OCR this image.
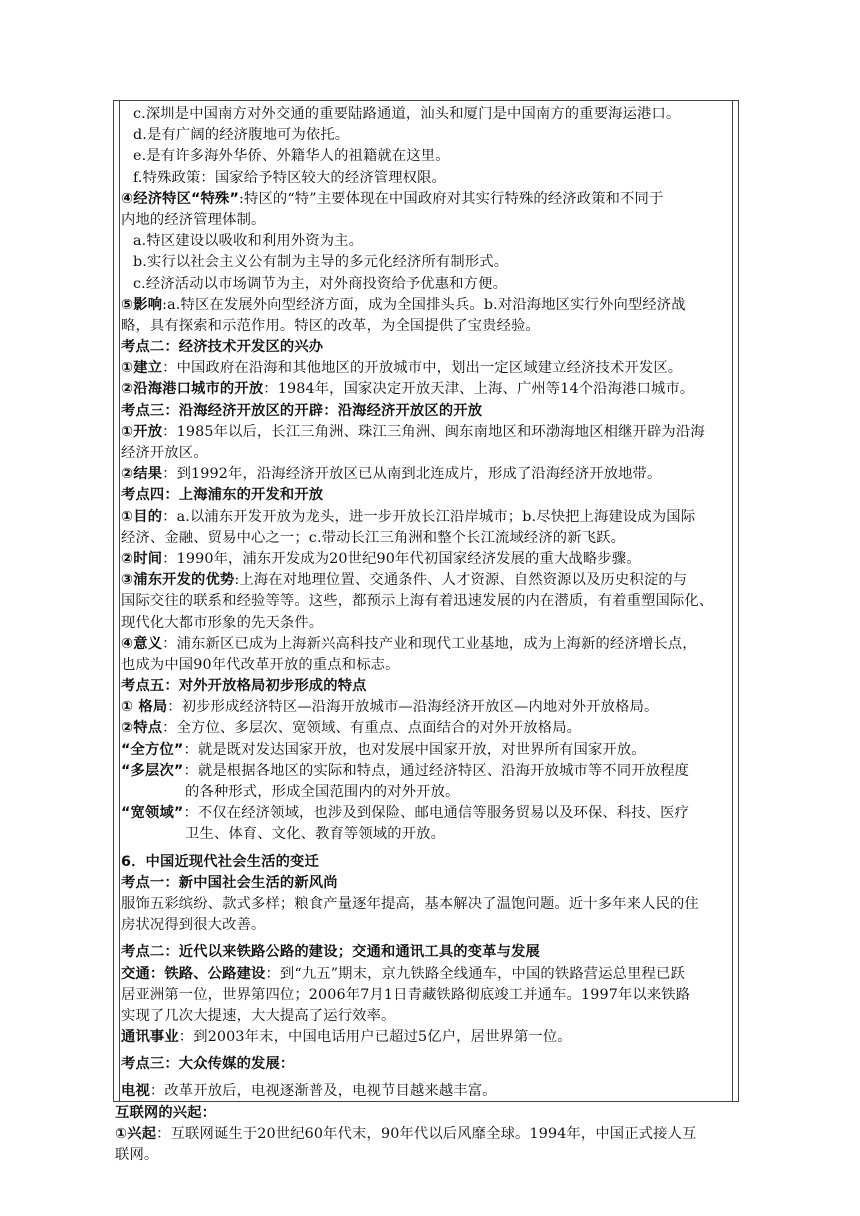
c.深圳是中国南方对外交通的重要陆路通道，汕头和厦门是中国南方的重要海运港口。
d.是有广阔的经济腹地可为依托。
e.是有许多海外华侨、外籍华人的祖籍就在这里。
f.特殊政策：国家给予特区较大的经济管理权限。
④经济特区“特殊”:特区的“特”主要体现在中国政府对其实行特殊的经济政策和不同于
内地的经济管理体制。
a.特区建设以吸收和利用外资为主。
b.实行以社会主义公有制为主导的多元化经济所有制形式。
c.经济活动以市场调节为主，对外商投资给予优惠和方便。
⑤影响:a.特区在发展外向型经济方面，成为全国排头兵。b.对沿海地区实行外向型经济战
略，具有探索和示范作用。特区的改革，为全国提供了宝贵经验。
考点二：经济技术开发区的兴办
①建立：中国政府在沿海和其他地区的开放城市中，划出一定区域建立经济技术开发区。
②沿海港口城市的开放：1984年，国家决定开放天津、上海、广州等14个沿海港口城市。
考点三：沿海经济开放区的开辟：沿海经济开放区的开放
①开放：1985年以后，长江三角洲、珠江三角洲、闽东南地区和环渤海地区相继开辟为沿海
经济开放区。
②结果：到1992年，沿海经济开放区已从南到北连成片，形成了沿海经济开放地带。
考点四：上海浦东的开发和开放
①目的：a.以浦东开发开放为龙头，进一步开放长江沿岸城市；b.尽快把上海建设成为国际
经济、金融、贸易中心之一；c.带动长江三角洲和整个长江流域经济的新飞跃。
②时间：1990年，浦东开发成为20世纪90年代初国家经济发展的重大战略步骤。
③浦东开发的优势:上海在对地理位置、交通条件、人才资源、自然资源以及历史积淀的与
国际交往的联系和经验等等。这些，都预示上海有着迅速发展的内在潜质，有着重塑国际化、
现代化大都市形象的先天条件。
④意义：浦东新区已成为上海新兴高科技产业和现代工业基地，成为上海新的经济增长点，
也成为中国90年代改革开放的重点和标志。
考点五：对外开放格局初步形成的特点
① 格局：初步形成经济特区—沿海开放城市—沿海经济开放区—内地对外开放格局。
②特点：全方位、多层次、宽领域、有重点、点面结合的对外开放格局。
“全方位”：就是既对发达国家开放，也对发展中国家开放，对世界所有国家开放。
“多层次”：就是根据各地区的实际和特点，通过经济特区、沿海开放城市等不同开放程度
的各种形式，形成全国范围内的对外开放。
“宽领域”：不仅在经济领域，也涉及到保险、邮电通信等服务贸易以及环保、科技、医疗
卫生、体育、文化、教育等领域的开放。
6．中国近现代社会生活的变迁
考点一：新中国社会生活的新风尚
服饰五彩缤纷、款式多样；粮食产量逐年提高，基本解决了温饱问题。近十多年来人民的住
房状况得到很大改善。
考点二：近代以来铁路公路的建设；交通和通讯工具的变革与发展
交通：铁路、公路建设：到“九五”期末，京九铁路全线通车，中国的铁路营运总里程已跃
居亚洲第一位，世界第四位；2006年7月1日青藏铁路彻底竣工并通车。1997年以来铁路
实现了几次大提速，大大提高了运行效率。
通讯事业：到2003年末，中国电话用户已超过5亿户，居世界第一位。
考点三：大众传媒的发展：
电视：改革开放后，电视逐渐普及，电视节目越来越丰富。
互联网的兴起：
①兴起：互联网诞生于20世纪60年代末，90年代以后风靡全球。1994年，中国正式接人互
联网。
